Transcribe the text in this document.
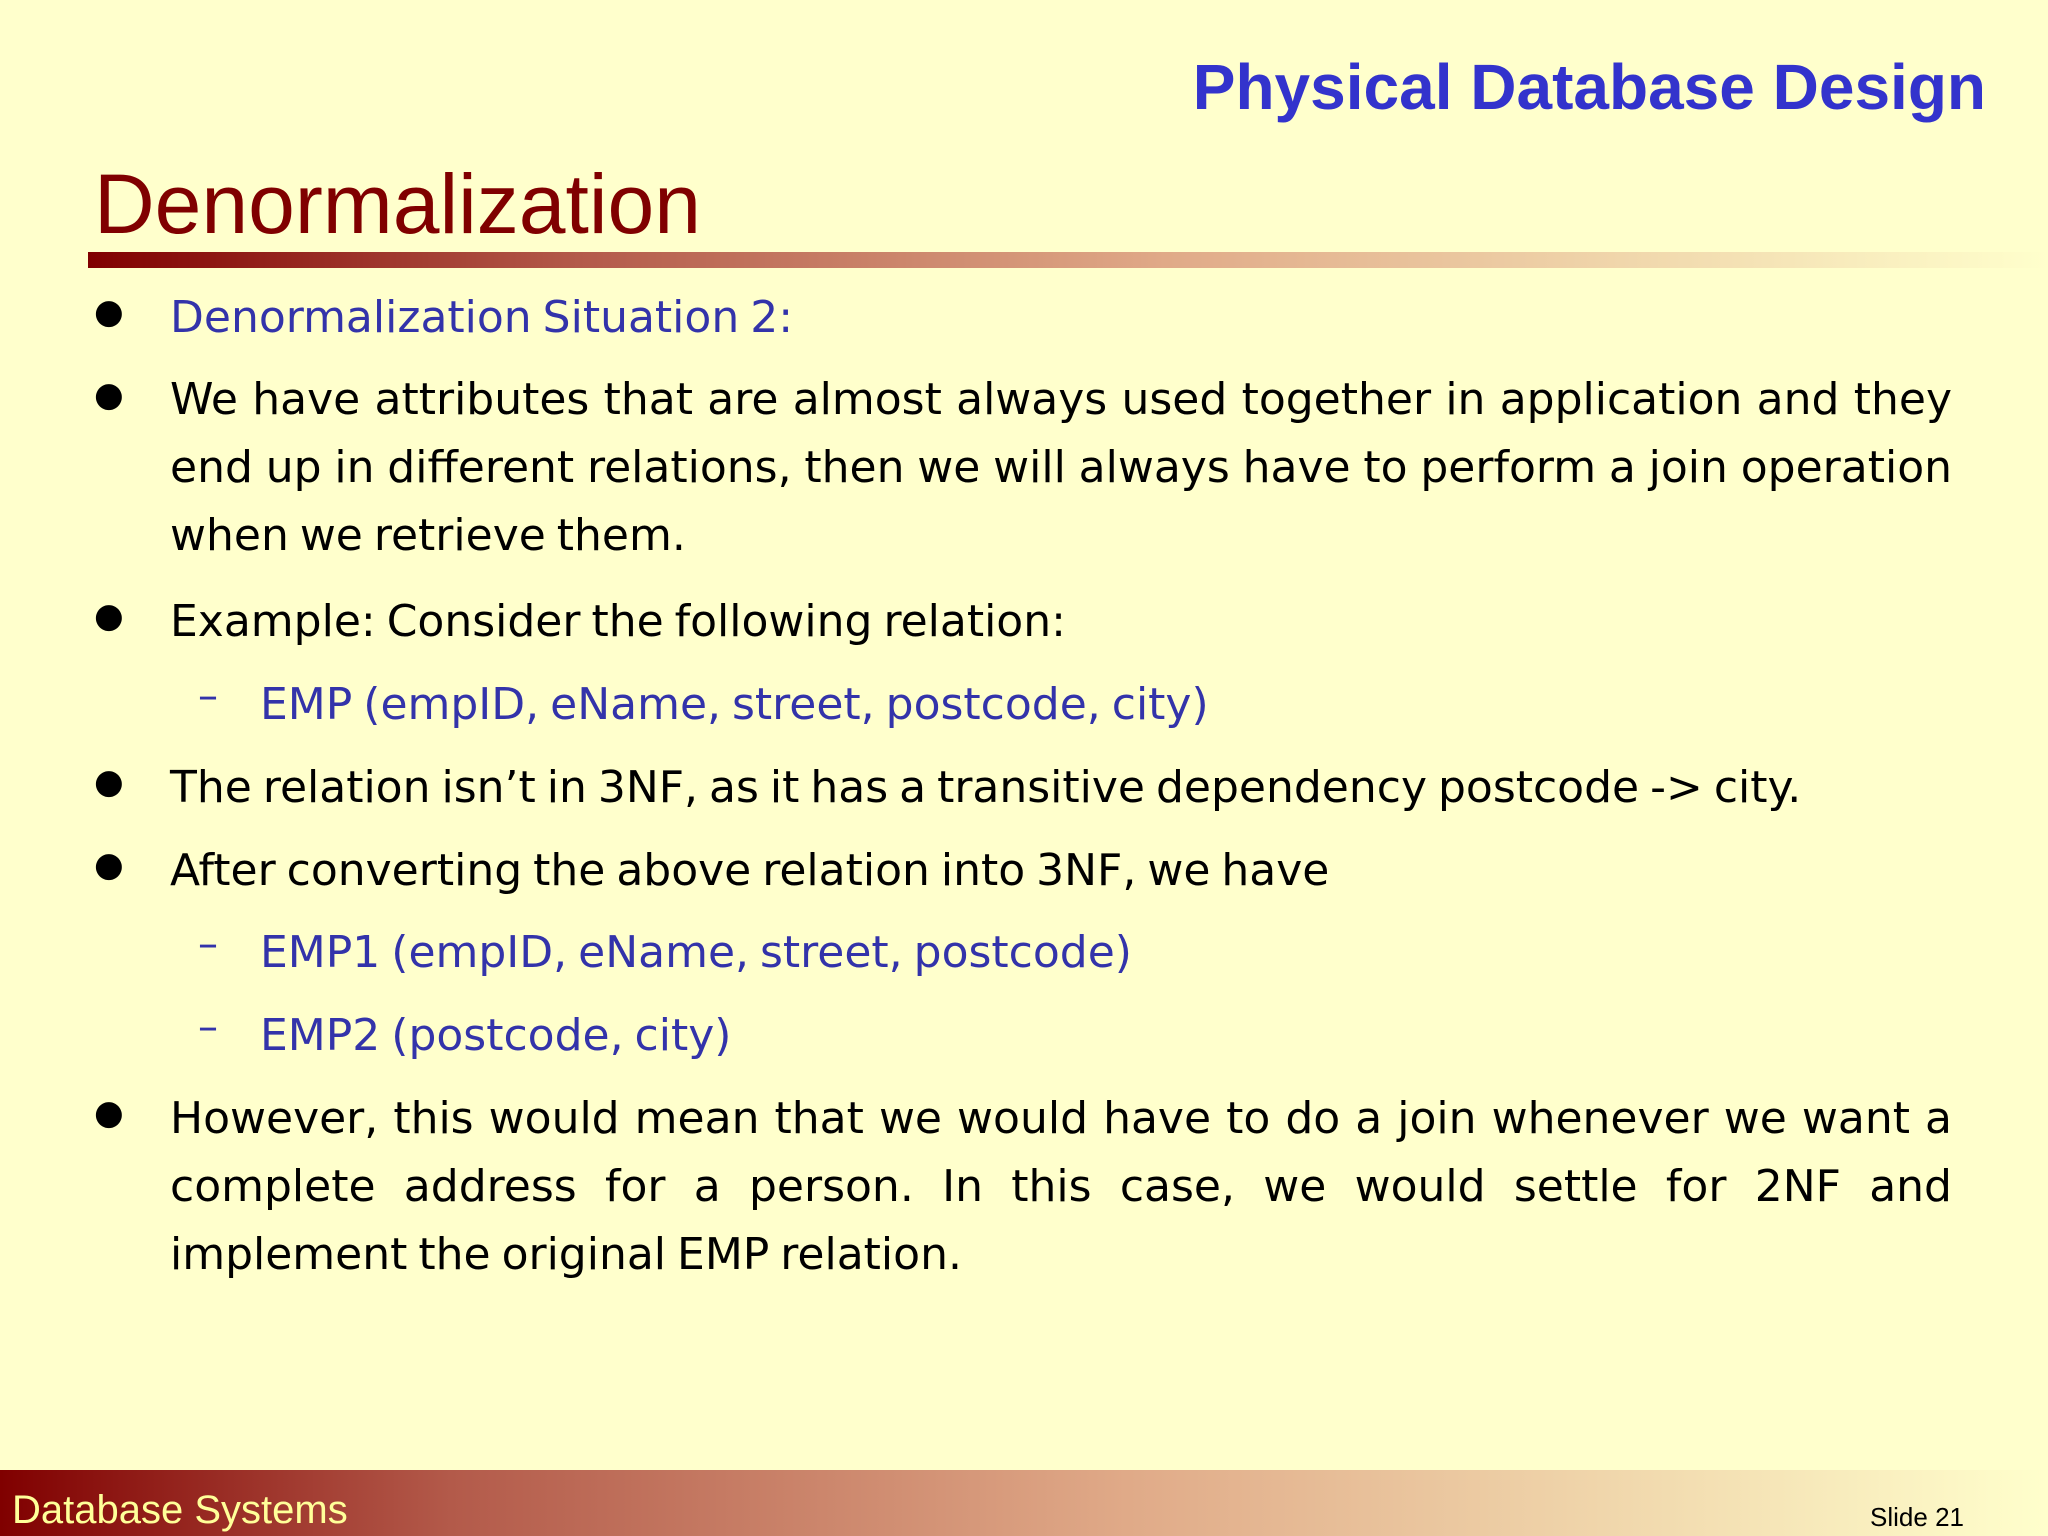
Physical Database Design
Denormalization
● Denormalization Situation 2:
● We have attributes that are almost always used together in application and they end up in different relations, then we will always have to perform a join operation when we retrieve them.
● Example: Consider the following relation:
– EMP (empID, eName, street, postcode, city)
● The relation isn’t in 3NF, as it has a transitive dependency postcode -> city.
● After converting the above relation into 3NF, we have
– EMP1 (empID, eName, street, postcode)
– EMP2 (postcode, city)
● However, this would mean that we would have to do a join whenever we want a complete address for a person. In this case, we would settle for 2NF and implement the original EMP relation.
Database Systems	Slide 21
